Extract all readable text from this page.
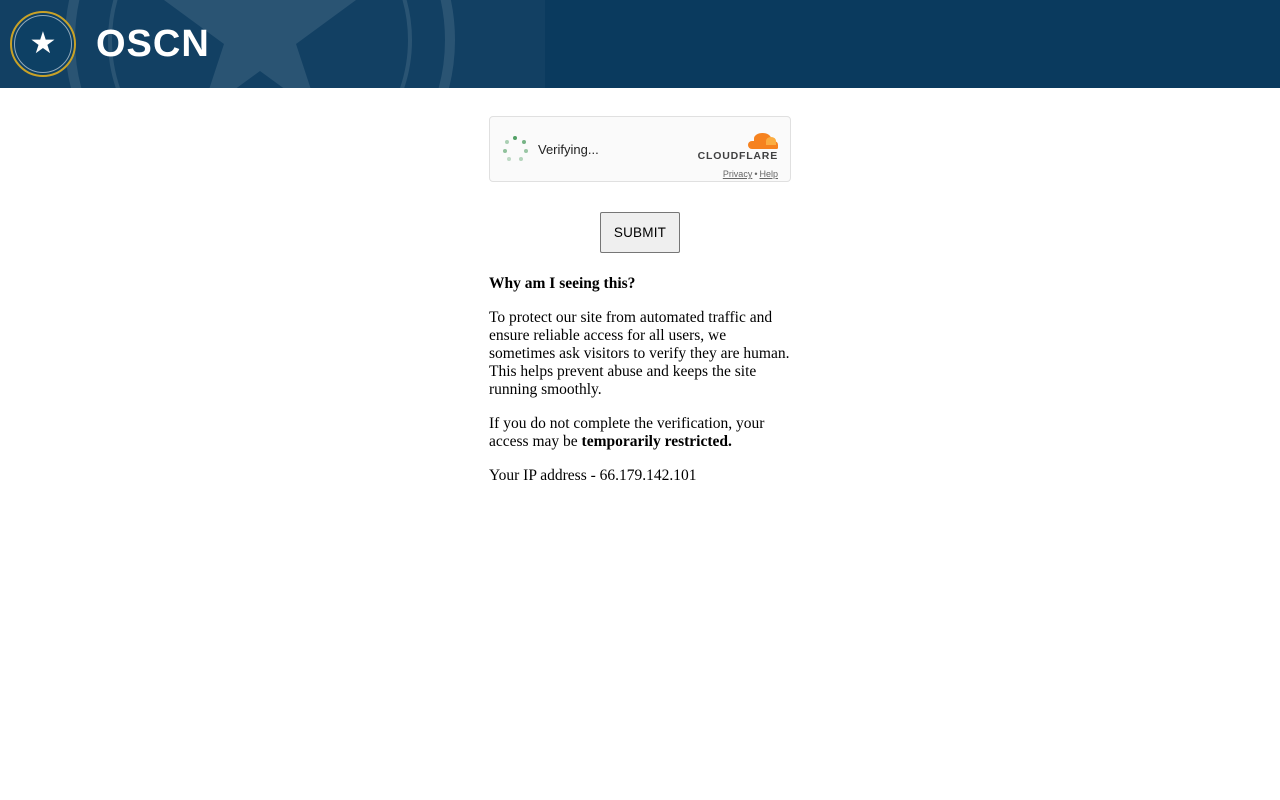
★ OSCN
Verifying...	CLOUDFLARE
Privacy • Help
SUBMIT
Why am I seeing this?

To protect our site from automated traffic and ensure reliable access for all users, we sometimes ask visitors to verify they are human. This helps prevent abuse and keeps the site running smoothly.

If you do not complete the verification, your access may be temporarily restricted.

Your IP address - 66.179.142.101
